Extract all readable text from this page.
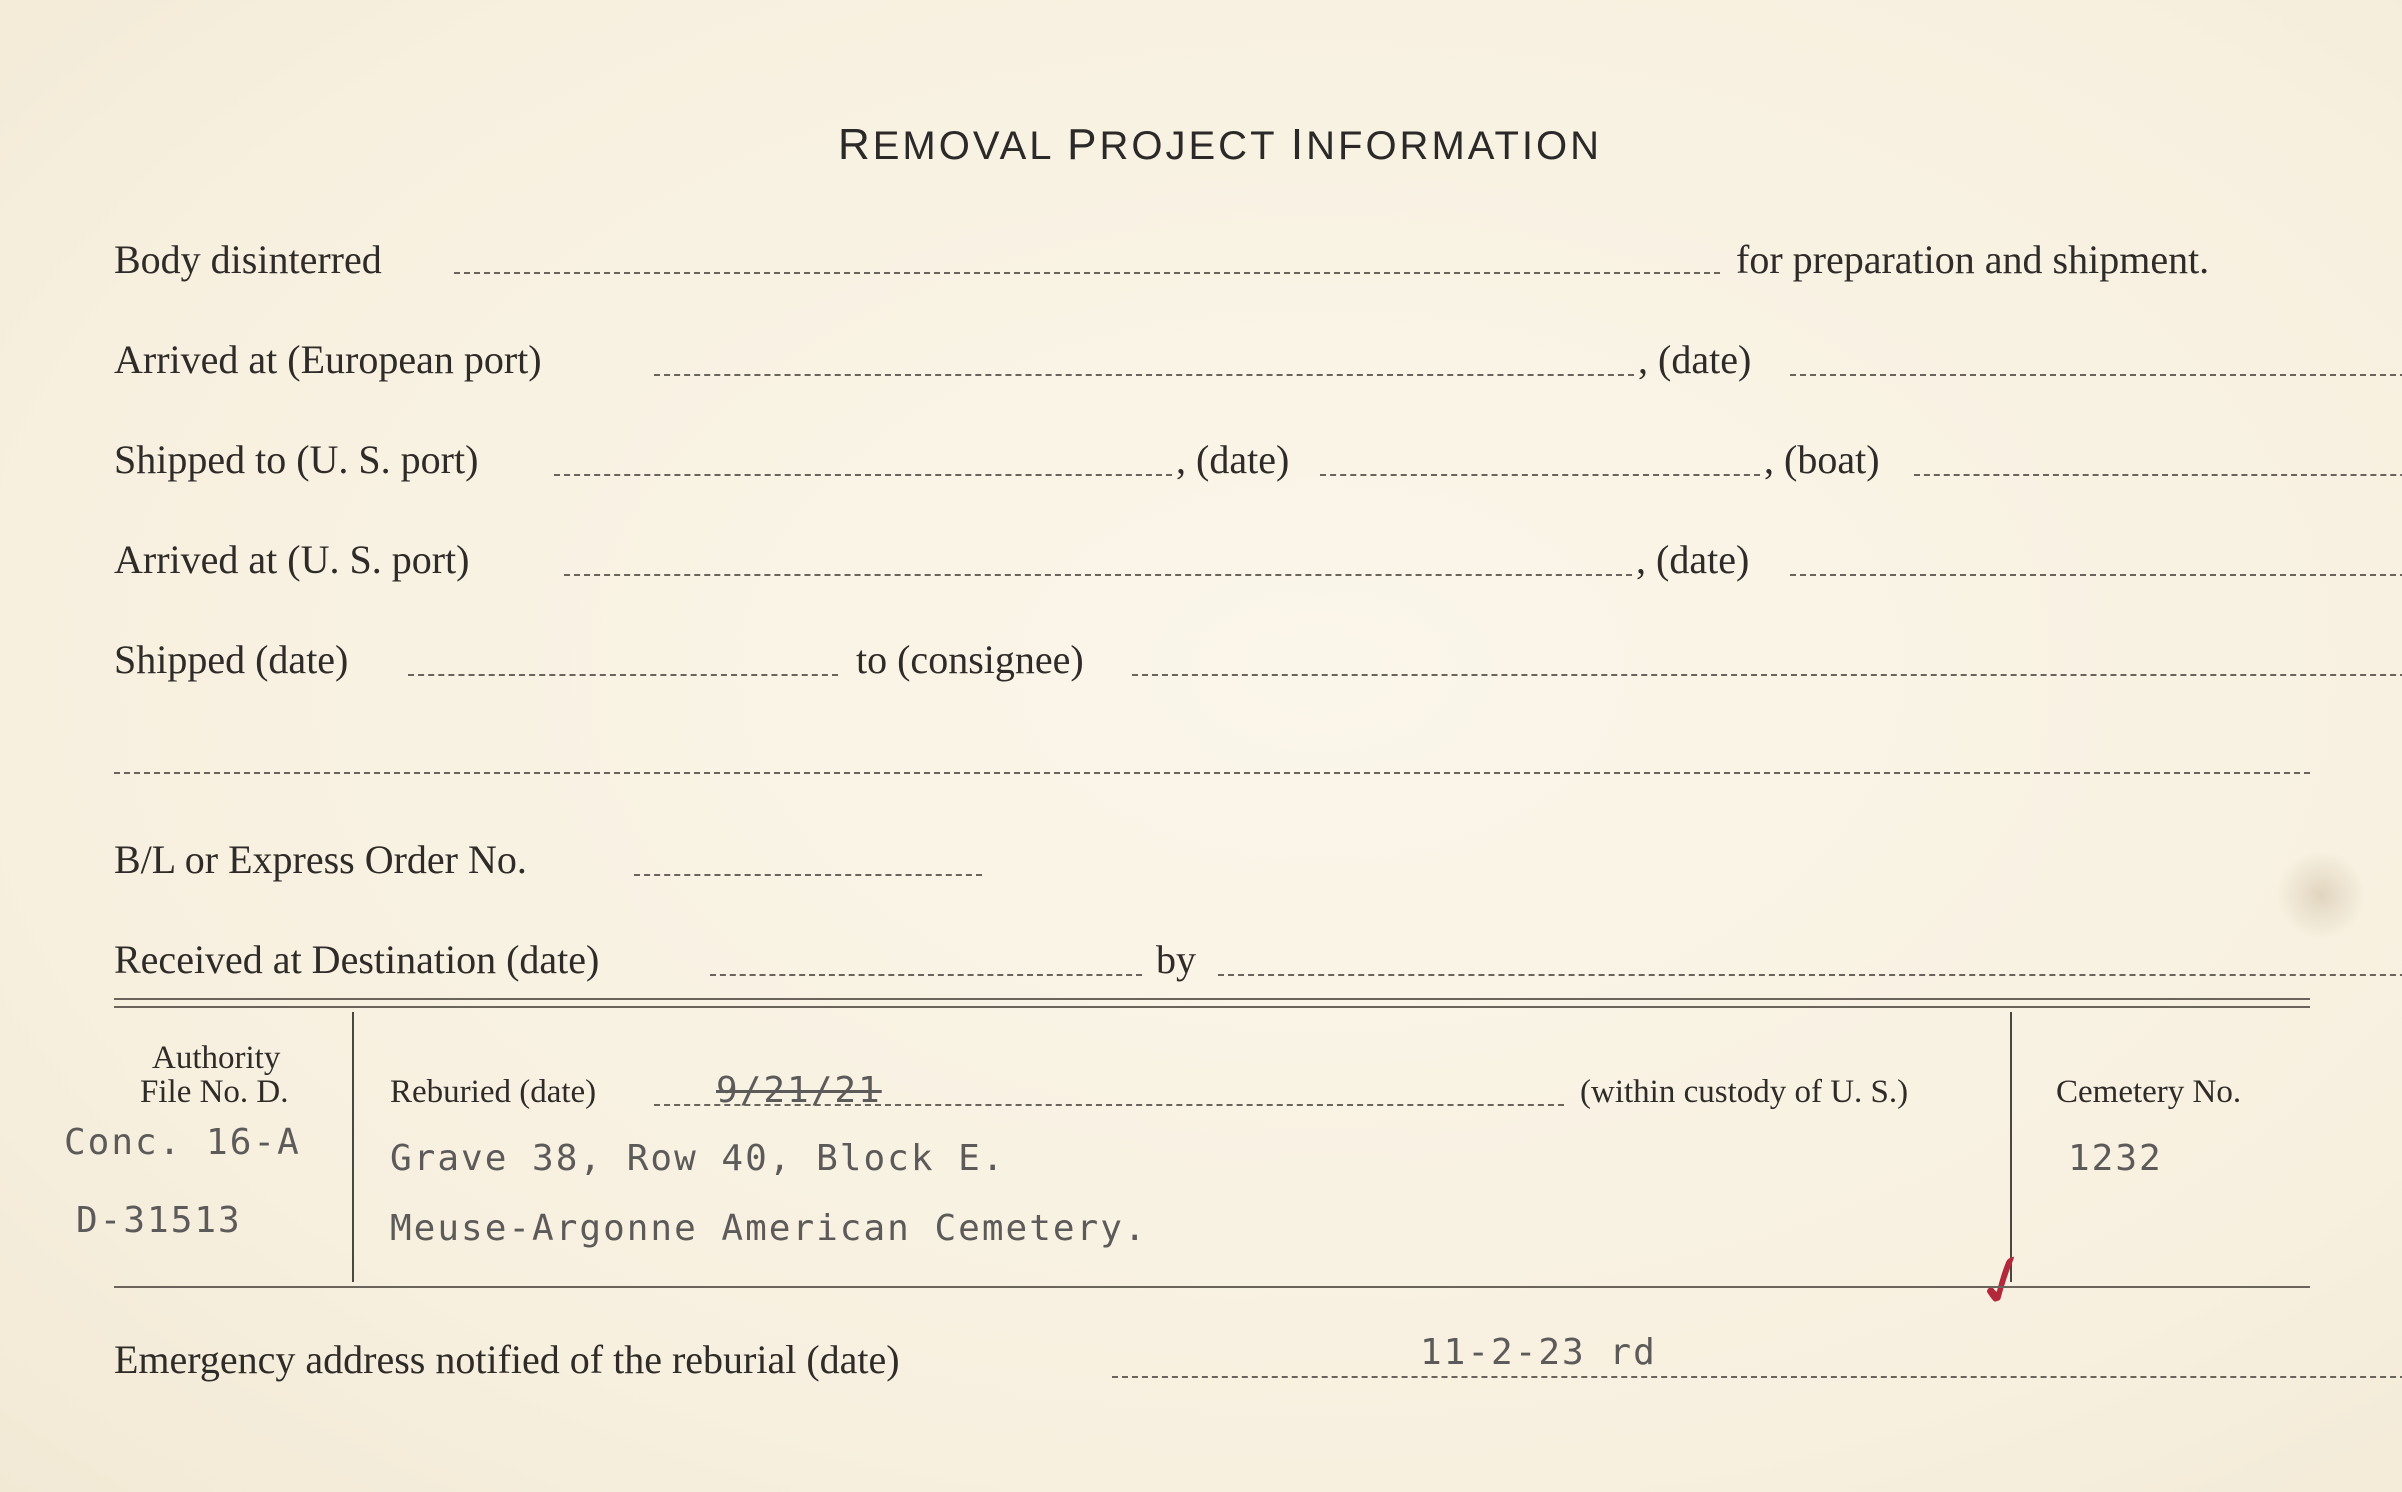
REMOVAL PROJECT INFORMATION
Body disinterred	for preparation and shipment.
Arrived at (European port)	, (date)
Shipped to (U. S. port)	, (date)	, (boat)
Arrived at (U. S. port)	, (date)
Shipped (date)	to (consignee)
B/L or Express Order No.
Received at Destination (date)	by
Authority
File No. D.
Conc. 16-A
D-31513
Reburied (date)	9/21/21	(within custody of U. S.)
Grave 38, Row 40, Block E.
Meuse-Argonne American Cemetery.
Cemetery No.
1232
✓
Emergency address notified of the reburial (date)	11-2-23 rd
